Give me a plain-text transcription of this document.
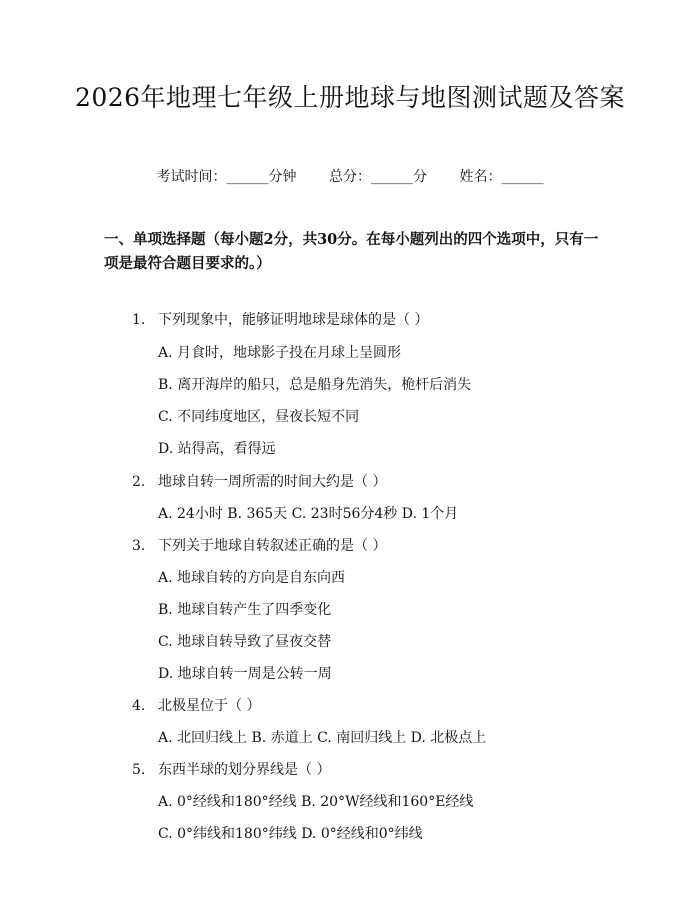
2026年地理七年级上册地球与地图测试题及答案
考试时间：______分钟 总分：______分 姓名：______
一、单项选择题（每小题2分，共30分。在每小题列出的四个选项中，只有一项是最符合题目要求的。）
1. 下列现象中，能够证明地球是球体的是（ ）
A. 月食时，地球影子投在月球上呈圆形
B. 离开海岸的船只，总是船身先消失，桅杆后消失
C. 不同纬度地区，昼夜长短不同
D. 站得高，看得远
2. 地球自转一周所需的时间大约是（ ）
A. 24小时 B. 365天 C. 23时56分4秒 D. 1个月
3. 下列关于地球自转叙述正确的是（ ）
A. 地球自转的方向是自东向西
B. 地球自转产生了四季变化
C. 地球自转导致了昼夜交替
D. 地球自转一周是公转一周
4. 北极星位于（ ）
A. 北回归线上 B. 赤道上 C. 南回归线上 D. 北极点上
5. 东西半球的划分界线是（ ）
A. 0°经线和180°经线 B. 20°W经线和160°E经线
C. 0°纬线和180°纬线 D. 0°经线和0°纬线
